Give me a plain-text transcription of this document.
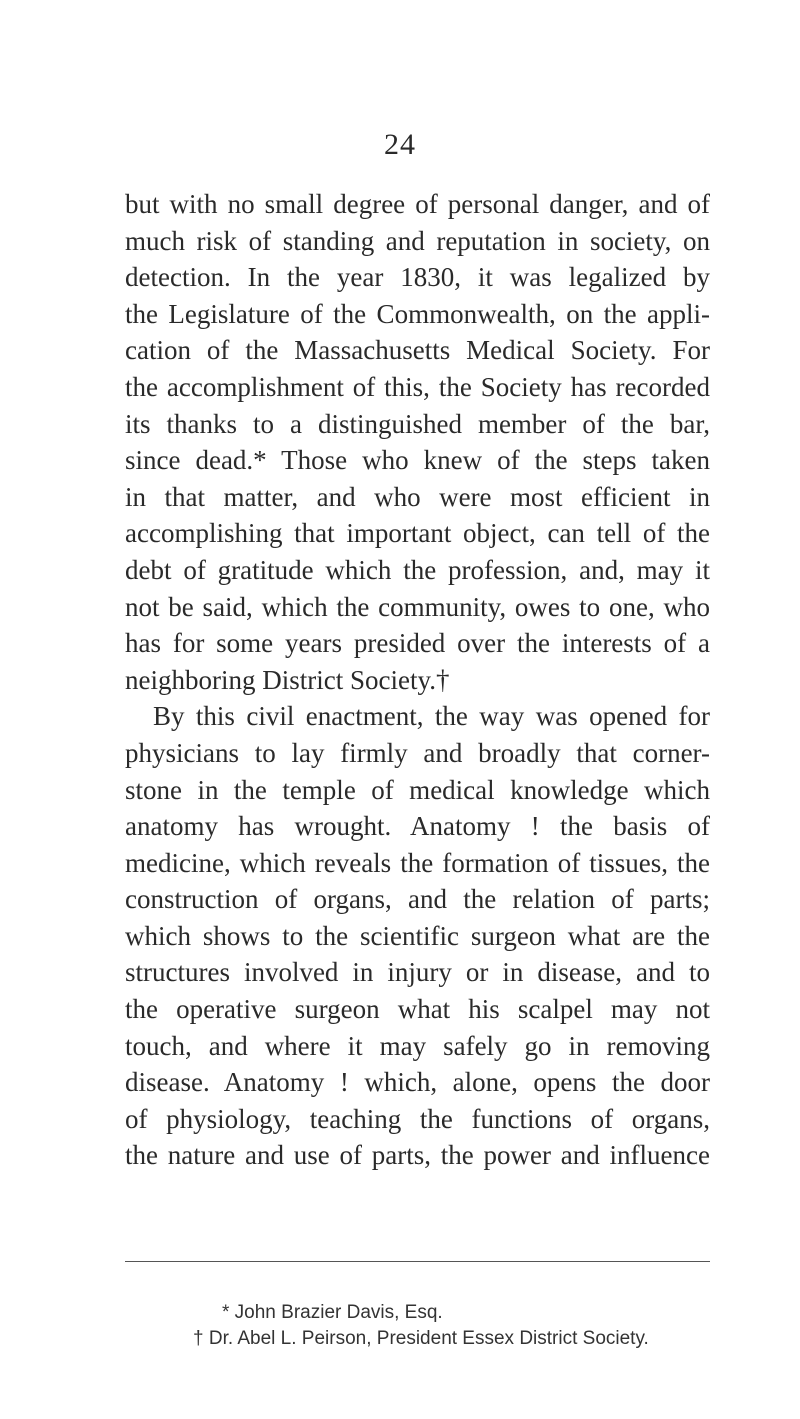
24
but with no small degree of personal danger, and of
much risk of standing and reputation in society, on
detection. In the year 1830, it was legalized by
the Legislature of the Commonwealth, on the appli-
cation of the Massachusetts Medical Society. For
the accomplishment of this, the Society has recorded
its thanks to a distinguished member of the bar,
since dead.* Those who knew of the steps taken
in that matter, and who were most efficient in
accomplishing that important object, can tell of the
debt of gratitude which the profession, and, may it
not be said, which the community, owes to one, who
has for some years presided over the interests of a
neighboring District Society.†
By this civil enactment, the way was opened for
physicians to lay firmly and broadly that corner-
stone in the temple of medical knowledge which
anatomy has wrought. Anatomy ! the basis of
medicine, which reveals the formation of tissues, the
construction of organs, and the relation of parts;
which shows to the scientific surgeon what are the
structures involved in injury or in disease, and to
the operative surgeon what his scalpel may not
touch, and where it may safely go in removing
disease. Anatomy ! which, alone, opens the door
of physiology, teaching the functions of organs,
the nature and use of parts, the power and influence
* John Brazier Davis, Esq.
† Dr. Abel L. Peirson, President Essex District Society.
